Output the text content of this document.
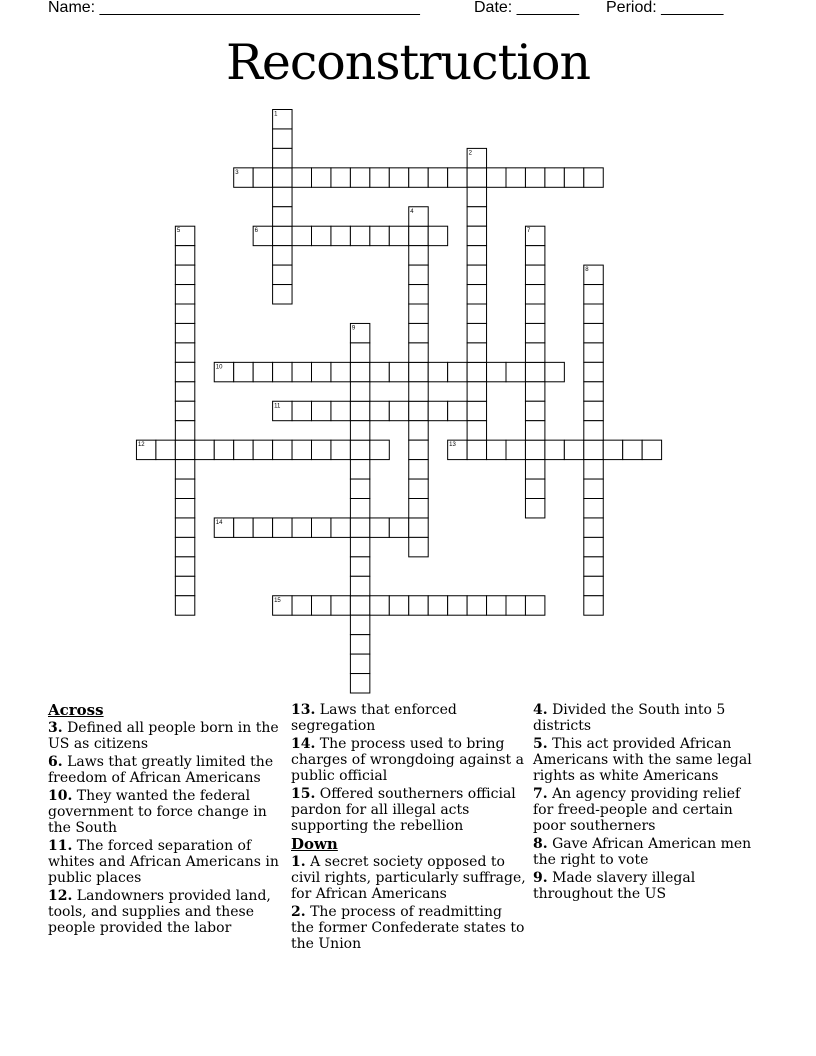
Name: ____________________________________	Date: _______ Period: _______
Reconstruction
3
6
10
11
12	13
14
15
1
2
4
5	7
8
9
Across
3. Defined all people born in the US as citizens
6. Laws that greatly limited the freedom of African Americans
10. They wanted the federal government to force change in the South
11. The forced separation of whites and African Americans in public places
12. Landowners provided land, tools, and supplies and these people provided the labor
13. Laws that enforced segregation
14. The process used to bring charges of wrongdoing against a public official
15. Offered southerners official pardon for all illegal acts supporting the rebellion
Down
1. A secret society opposed to civil rights, particularly suffrage, for African Americans
2. The process of readmitting the former Confederate states to the Union
4. Divided the South into 5 districts
5. This act provided African Americans with the same legal rights as white Americans
7. An agency providing relief for freed-people and certain poor southerners
8. Gave African American men the right to vote
9. Made slavery illegal throughout the US
